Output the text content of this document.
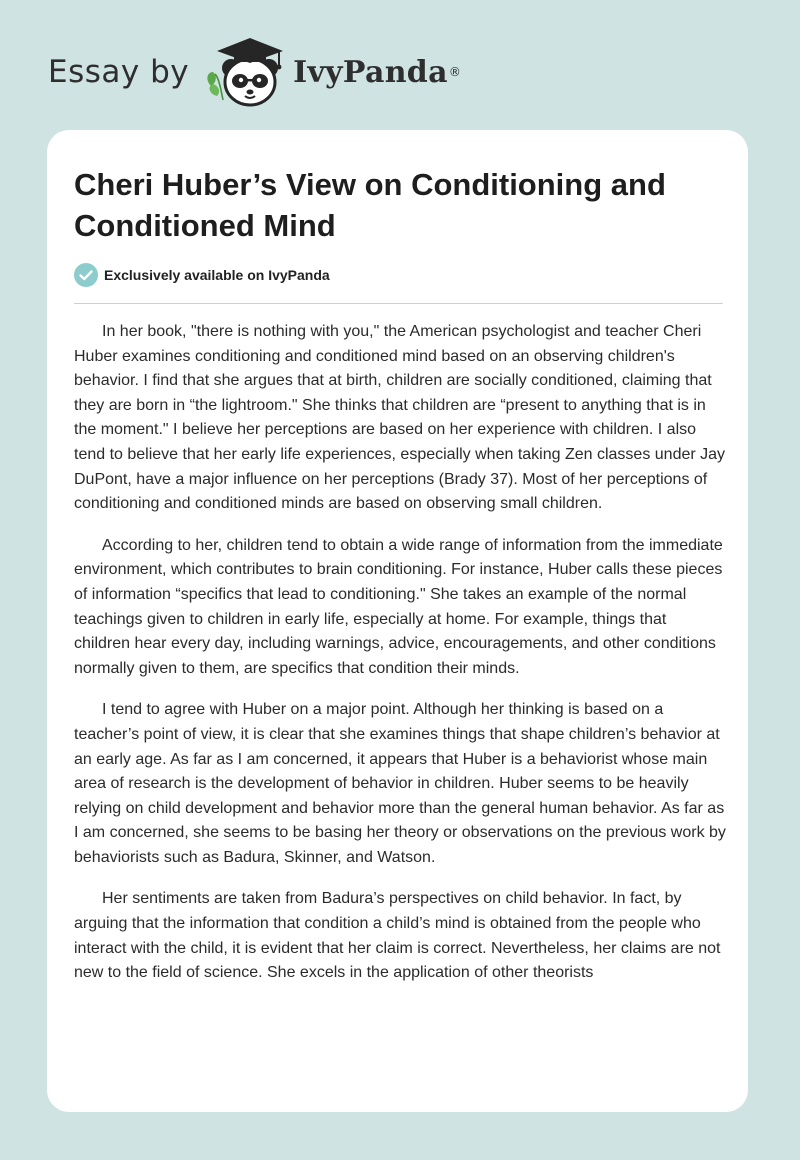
Essay by	IvyPanda ®
Cheri Huber’s View on Conditioning and Conditioned Mind
Exclusively available on IvyPanda

In her book, "there is nothing with you," the American psychologist and teacher Cheri Huber examines conditioning and conditioned mind based on an observing children's behavior. I find that she argues that at birth, children are socially conditioned, claiming that they are born in “the lightroom." She thinks that children are “present to anything that is in the moment." I believe her perceptions are based on her experience with children. I also tend to believe that her early life experiences, especially when taking Zen classes under Jay DuPont, have a major influence on her perceptions (Brady 37). Most of her perceptions of conditioning and conditioned minds are based on observing small children.

According to her, children tend to obtain a wide range of information from the immediate environment, which contributes to brain conditioning. For instance, Huber calls these pieces of information “specifics that lead to conditioning." She takes an example of the normal teachings given to children in early life, especially at home. For example, things that children hear every day, including warnings, advice, encouragements, and other conditions normally given to them, are specifics that condition their minds.

I tend to agree with Huber on a major point. Although her thinking is based on a teacher’s point of view, it is clear that she examines things that shape children’s behavior at an early age. As far as I am concerned, it appears that Huber is a behaviorist whose main area of research is the development of behavior in children. Huber seems to be heavily relying on child development and behavior more than the general human behavior. As far as I am concerned, she seems to be basing her theory or observations on the previous work by behaviorists such as Badura, Skinner, and Watson.

Her sentiments are taken from Badura’s perspectives on child behavior. In fact, by arguing that the information that condition a child’s mind is obtained from the people who interact with the child, it is evident that her claim is correct. Nevertheless, her claims are not new to the field of science. She excels in the application of other theorists
